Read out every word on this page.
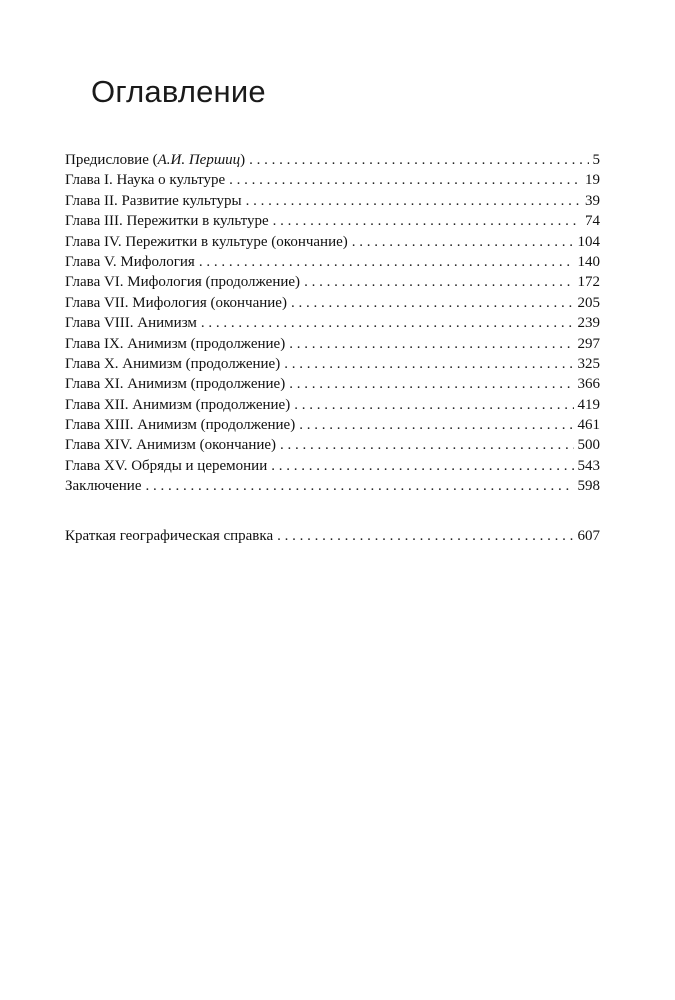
Оглавление
Предисловие (А.И. Першиц) . . .	5
Глава I. Наука о культуре . . .	19
Глава II. Развитие культуры . . .	39
Глава III. Пережитки в культуре . . .	74
Глава IV. Пережитки в культуре (окончание) . . .	104
Глава V. Мифология . . .	140
Глава VI. Мифология (продолжение) . . .	172
Глава VII. Мифология (окончание) . . .	205
Глава VIII. Анимизм . . .	239
Глава IX. Анимизм (продолжение) . . .	297
Глава X. Анимизм (продолжение) . . .	325
Глава XI. Анимизм (продолжение) . . .	366
Глава XII. Анимизм (продолжение) . . .	419
Глава XIII. Анимизм (продолжение) . . .	461
Глава XIV. Анимизм (окончание) . . .	500
Глава XV. Обряды и церемонии . . .	543
Заключение . . .	598
Краткая географическая справка . . .	607
